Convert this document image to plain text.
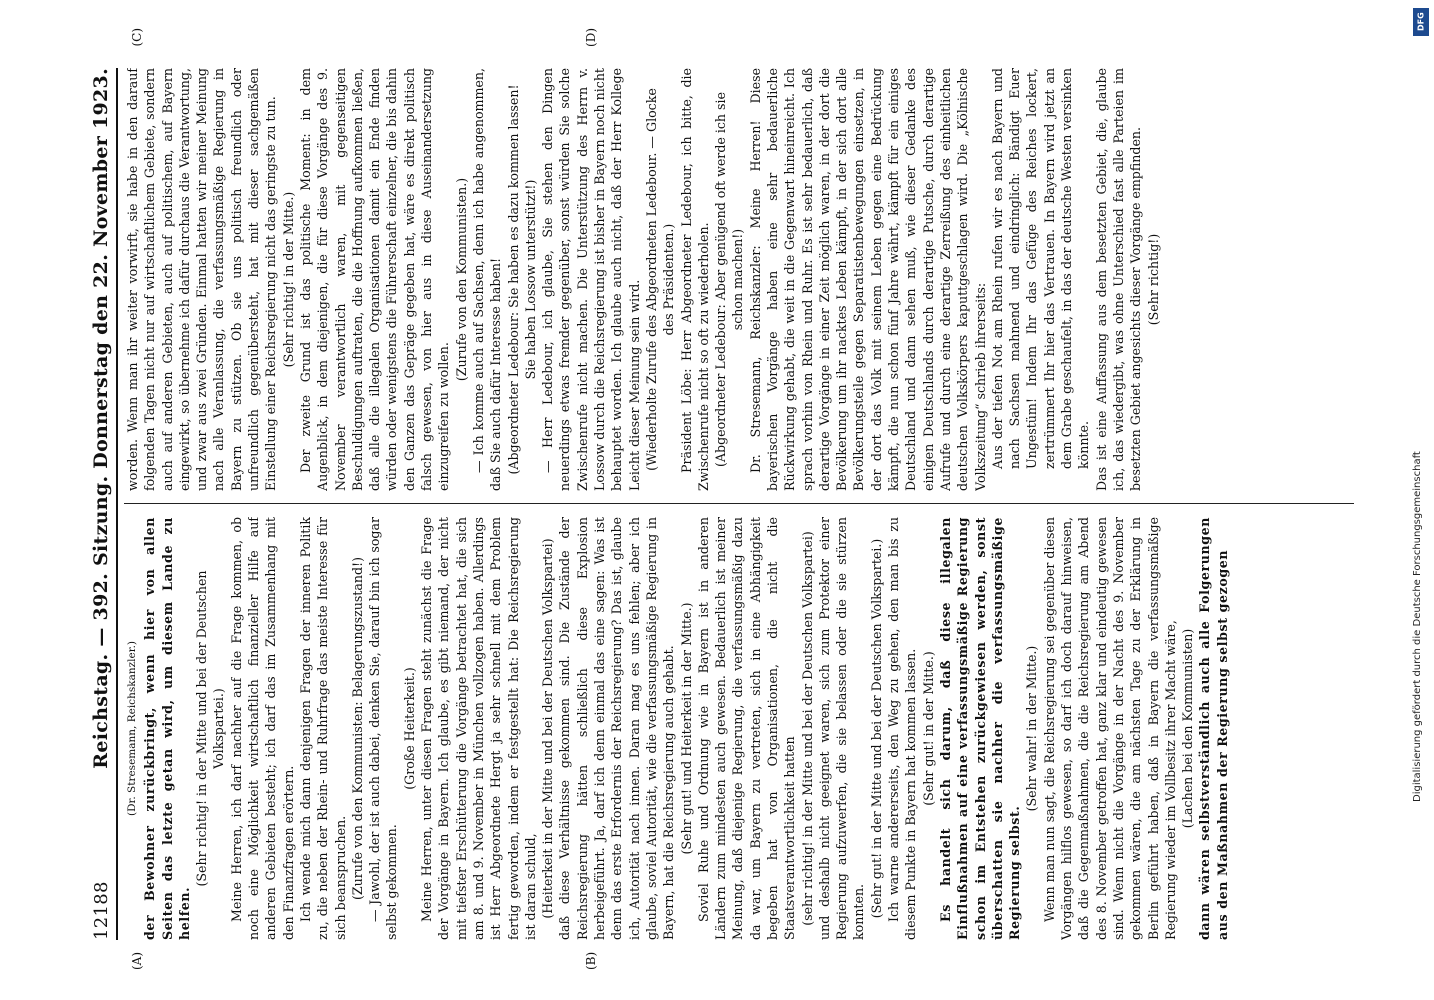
12188
Reichstag. — 392. Sitzung. Donnerstag den 22. November 1923.
(A)	(B)
(C)	(D)

(Dr. Stresemann, Reichskanzler.) der Bewohner zurückbringt, wenn hier von allen Seiten das letzte getan wird, um diesem Lande zu helfen.

(Sehr richtig! in der Mitte und bei der Deutschen Volkspartei.) Meine Herren, ich darf nachher auf die Frage kommen, ob noch eine Möglichkeit wirtschaftlich finanzieller Hilfe auf anderen Gebieten besteht; ich darf das im Zusammenhang mit den Finanzfragen erörtern. Ich wende mich dann denjenigen Fragen der inneren Politik zu, die neben der Rhein- und Ruhrfrage das meiste Interesse für sich beanspruchen. (Zurufe von den Kommunisten: Belagerungszustand!) — Jawohl, der ist auch dabei, denken Sie, darauf bin ich sogar selbst gekommen.

(Große Heiterkeit.) Meine Herren, unter diesen Fragen steht zunächst die Frage der Vorgänge in Bayern. Ich glaube, es gibt niemand, der nicht mit tiefster Erschütterung die Vorgänge betrachtet hat, die sich am 8. und 9. November in München vollzogen haben. Allerdings ist Herr Abgeordnete Hergt ja sehr schnell mit dem Problem fertig geworden, indem er festgestellt hat: Die Reichsregierung ist daran schuld, (Heiterkeit in der Mitte und bei der Deutschen Volkspartei) daß diese Verhältnisse gekommen sind. Die Zustände der Reichsregierung hätten schließlich diese Explosion herbeigeführt. Ja, darf ich denn einmal das eine sagen: Was ist denn das erste Erfordernis der Reichsregierung? Das ist, glaube ich, Autorität nach innen. Daran mag es uns fehlen; aber ich glaube, soviel Autorität, wie die verfassungsmäßige Regierung in Bayern, hat die Reichsregierung auch gehabt. (Sehr gut! und Heiterkeit in der Mitte.) Soviel Ruhe und Ordnung wie in Bayern ist in anderen Ländern zum mindesten auch gewesen. Bedauerlich ist meiner Meinung, daß diejenige Regierung, die verfassungsmäßig dazu da war, um Bayern zu vertreten, sich in eine Abhängigkeit begeben hat von Organisationen, die nicht die Staatsverantwortlichkeit hatten (sehr richtig! in der Mitte und bei der Deutschen Volkspartei) und deshalb nicht geeignet waren, sich zum Protektor einer Regierung aufzuwerfen, die sie belassen oder die sie stürzen konnten. (Sehr gut! in der Mitte und bei der Deutschen Volkspartei.) Ich warne andererseits, den Weg zu gehen, den man bis zu diesem Punkte in Bayern hat kommen lassen. (Sehr gut! in der Mitte.) Es handelt sich darum, daß diese illegalen Einflußnahmen auf eine verfassungsmäßige Regierung schon im Entstehen zurückgewiesen werden, sonst überschatten sie nachher die verfassungsmäßige Regierung selbst.

(Sehr wahr! in der Mitte.) Wenn man nun sagt, die Reichsregierung sei gegenüber diesen Vorgängen hilflos gewesen, so darf ich doch darauf hinweisen, daß die Gegenmaßnahmen, die die Reichsregierung am Abend des 8. November getroffen hat, ganz klar und eindeutig gewesen sind. Wenn nicht die Vorgänge in der Nacht des 9. November gekommen wären, die am nächsten Tage zu der Erklärung in Berlin geführt haben, daß in Bayern die verfassungsmäßige Regierung wieder im Vollbesitz ihrer Macht wäre, (Lachen bei den Kommunisten) dann wären selbstverständlich auch alle Folgerungen aus den Maßnahmen der Regierung selbst gezogen

worden. Wenn man ihr weiter vorwirft, sie habe in den darauf folgenden Tagen nicht nur auf wirtschaftlichem Gebiete, sondern auch auf anderen Gebieten, auch auf politischem, auf Bayern eingewirkt, so übernehme ich dafür durchaus die Verantwortung, und zwar aus zwei Gründen. Einmal hatten wir meiner Meinung nach alle Veranlassung, die verfassungsmäßige Regierung in Bayern zu stützen. Ob sie uns politisch freundlich oder unfreundlich gegenübersteht, hat mit dieser sachgemäßen Einstellung einer Reichsregierung nicht das geringste zu tun. (Sehr richtig! in der Mitte.) Der zweite Grund ist das politische Moment: in dem Augenblick, in dem diejenigen, die für diese Vorgänge des 9. November verantwortlich waren, mit gegenseitigen Beschuldigungen auftraten, die die Hoffnung aufkommen ließen, daß alle die illegalen Organisationen damit ein Ende finden würden oder wenigstens die Führerschaft einzelner, die bis dahin den Ganzen das Gepräge gegeben hat, wäre es direkt politisch falsch gewesen, von hier aus in diese Auseinandersetzung einzugreifen zu wollen.

(Zurufe von den Kommunisten.) — Ich komme auch auf Sachsen, denn ich habe angenommen, daß Sie auch dafür Interesse haben! (Abgeordneter Ledebour: Sie haben es dazu kommen lassen! Sie haben Lossow unterstützt!) — Herr Ledebour, ich glaube, Sie stehen den Dingen neuerdings etwas fremder gegenüber, sonst würden Sie solche Zwischenrufe nicht machen. Die Unterstützung des Herrn v. Lossow durch die Reichsregierung ist bisher in Bayern noch nicht behauptet worden. Ich glaube auch nicht, daß der Herr Kollege Leicht dieser Meinung sein wird. (Wiederholte Zurufe des Abgeordneten Ledebour. — Glocke des Präsidenten.) Präsident Löbe: Herr Abgeordneter Ledebour, ich bitte, die Zwischenrufe nicht so oft zu wiederholen. (Abgeordneter Ledebour: Aber genügend oft werde ich sie schon machen!) Dr. Stresemann, Reichskanzler: Meine Herren! Diese bayerischen Vorgänge haben eine sehr bedauerliche Rückwirkung gehabt, die weit in die Gegenwart hineinreicht. Ich sprach vorhin von Rhein und Ruhr. Es ist sehr bedauerlich, daß derartige Vorgänge in einer Zeit möglich waren, in der dort die Bevölkerung um ihr nacktes Leben kämpft, in der sich dort alle Bevölkerungsteile gegen Separatistenbewegungen einsetzen, in der dort das Volk mit seinem Leben gegen eine Bedrückung kämpft, die nun schon fünf Jahre währt, kämpft für ein einiges Deutschland und dann sehen muß, wie dieser Gedanke des einigen Deutschlands durch derartige Putsche, durch derartige Aufrufe und durch eine derartige Zerreißung des einheitlichen deutschen Volkskörpers kaputtgeschlagen wird. Die „Kölnische Volkszeitung“ schrieb ihrerseits: Aus der tiefen Not am Rhein rufen wir es nach Bayern und nach Sachsen mahnend und eindringlich: Bändigt Euer Ungestüm! Indem Ihr das Gefüge des Reiches lockert, zertrümmert Ihr hier das Vertrauen. In Bayern wird jetzt an dem Grabe geschaufelt, in das der deutsche Westen versinken könnte. Das ist eine Auffassung aus dem besetzten Gebiet, die, glaube ich, das wiedergibt, was ohne Unterschied fast alle Parteien im besetzten Gebiet angesichts dieser Vorgänge empfinden. (Sehr richtig!)

DFG
Digitalisierung gefördert durch die Deutsche Forschungsgemeinschaft
